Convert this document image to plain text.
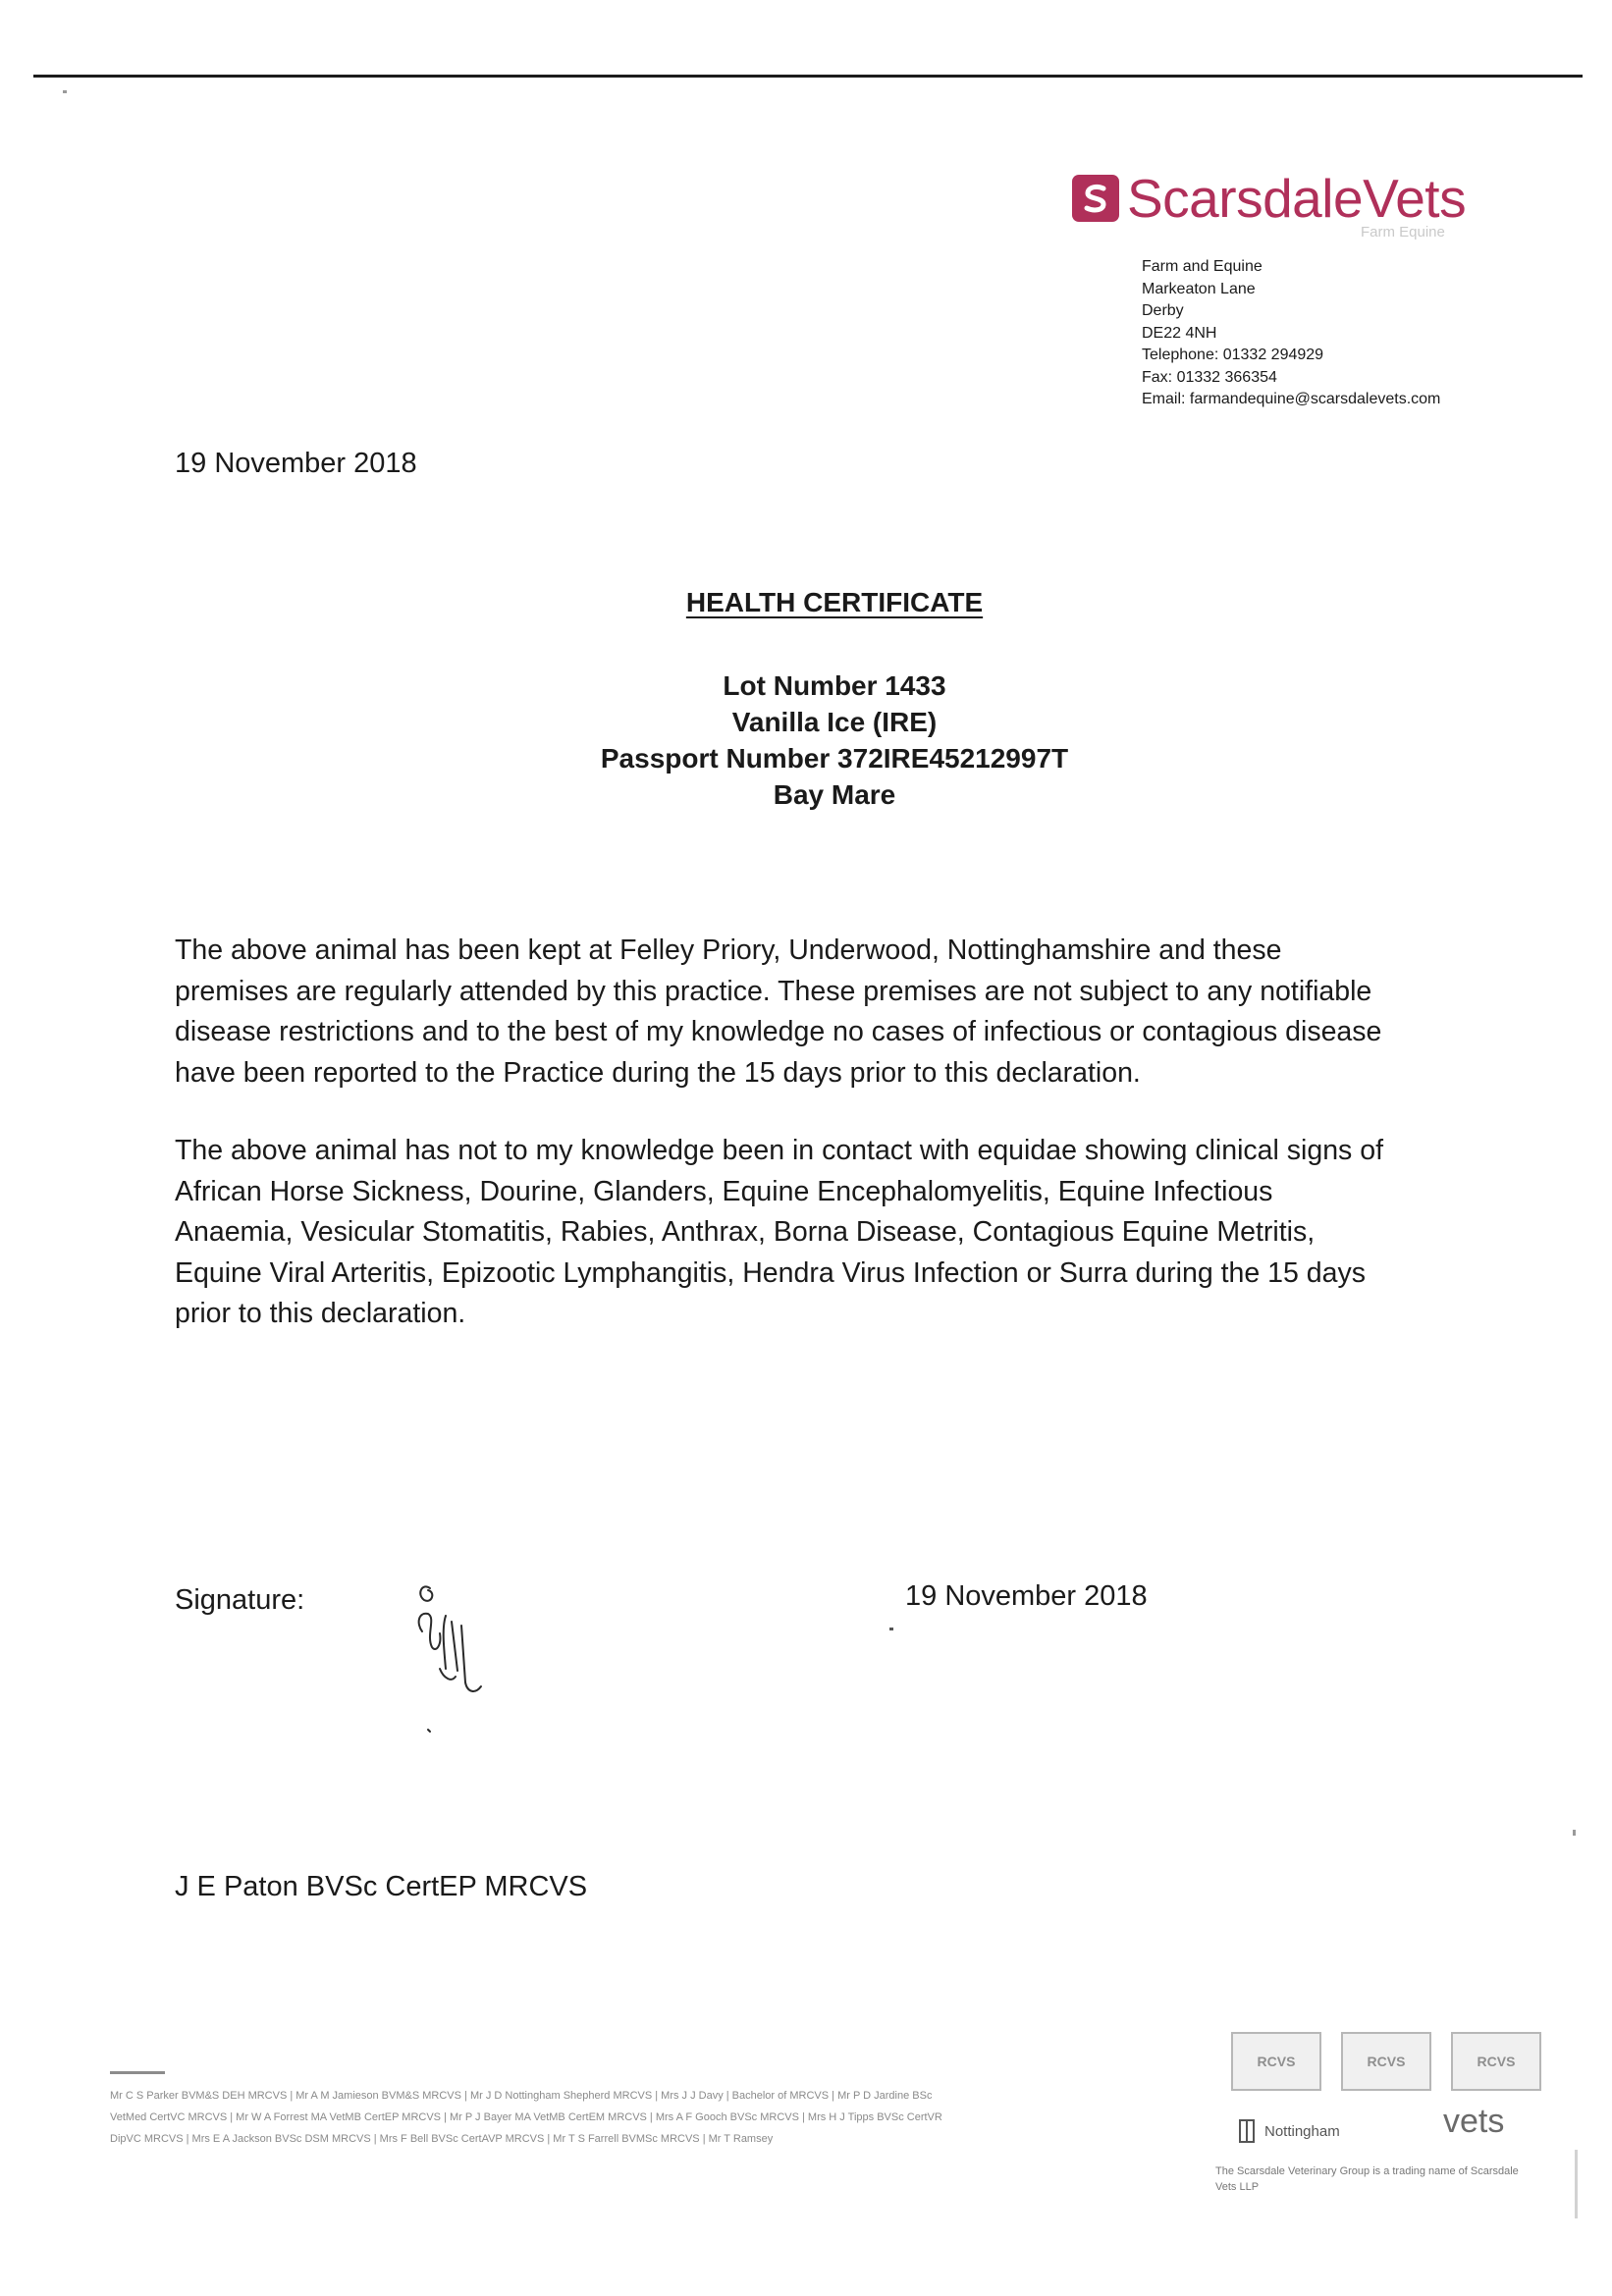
ScarsdaleVets
Farm Equine
Farm and Equine
Markeaton Lane
Derby
DE22 4NH
Telephone: 01332 294929
Fax: 01332 366354
Email: farmandequine@scarsdalevets.com
19 November 2018
HEALTH CERTIFICATE
Lot Number 1433
Vanilla Ice (IRE)
Passport Number 372IRE45212997T
Bay Mare
The above animal has been kept at Felley Priory, Underwood, Nottinghamshire and these
premises are regularly attended by this practice. These premises are not subject to any notifiable
disease restrictions and to the best of my knowledge no cases of infectious or contagious disease
have been reported to the Practice during the 15 days prior to this declaration.
The above animal has not to my knowledge been in contact with equidae showing clinical signs of
African Horse Sickness, Dourine, Glanders, Equine Encephalomyelitis, Equine Infectious
Anaemia, Vesicular Stomatitis, Rabies, Anthrax, Borna Disease, Contagious Equine Metritis,
Equine Viral Arteritis, Epizootic Lymphangitis, Hendra Virus Infection or Surra during the 15 days
prior to this declaration.
Signature:	19 November 2018
J E Paton BVSc CertEP MRCVS
Mr C S Parker BVM&S DEH MRCVS | Mr A M Jamieson BVM&S MRCVS | Mr J D Nottingham Shepherd MRCVS | Mrs J J Davy | Bachelor of MRCVS | Mr P D Jardine BSc
VetMed CertVC MRCVS | Mr W A Forrest MA VetMB CertEP MRCVS | Mr P J Bayer MA VetMB CertEM MRCVS | Mrs A F Gooch BVSc MRCVS | Mrs H J Tipps BVSc CertVR
DipVC MRCVS | Mrs E A Jackson BVSc DSM MRCVS | Mrs F Bell BVSc CertAVP MRCVS | Mr T S Farrell BVMSc MRCVS | Mr T Ramsey
RCVS	RCVS	RCVS
Nottingham	vets
The Scarsdale Veterinary Group is a trading name of Scarsdale Vets LLP
